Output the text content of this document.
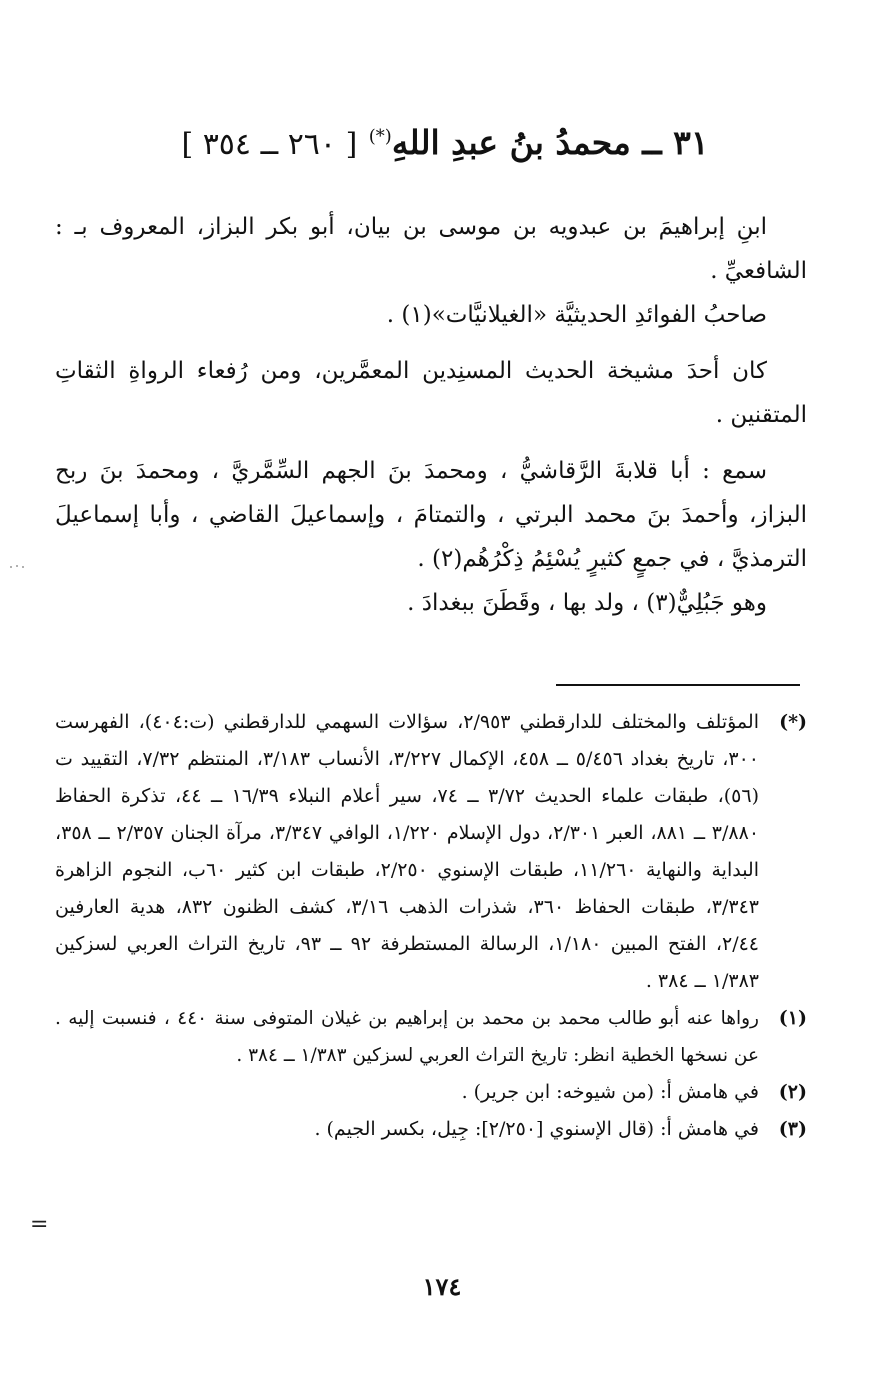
٣١ ــ محمدُ بنُ عبدِ اللهِ(*) [ ٢٦٠ ــ ٣٥٤ ]

ابنِ إبراهيمَ بن عبدويه بن موسى بن بيان، أبو بكر البزاز، المعروف بـ : الشافعيِّ .

صاحبُ الفوائدِ الحديثيَّة «الغيلانيَّات»(١) .

كان أحدَ مشيخة الحديث المسنِدين المعمَّرين، ومن رُفعاء الرواةِ الثقاتِ المتقنين .

سمع : أبا قلابةَ الرَّقاشيُّ ، ومحمدَ بنَ الجهم السِّمَّريَّ ، ومحمدَ بنَ ربح البزاز، وأحمدَ بنَ محمد البرتي ، والتمتامَ ، وإسماعيلَ القاضي ، وأبا إسماعيلَ الترمذيَّ ، في جمعٍ كثيرٍ يُسْئِمُ ذِكْرُهُم(٢) .

وهو جَبُلِيٌّ(٣) ، ولد بها ، وقَطَنَ ببغدادَ .

(*)
المؤتلف والمختلف للدارقطني ٢/٩٥٣، سؤالات السهمي للدارقطني (ت:٤٠٤)، الفهرست ٣٠٠، تاريخ بغداد ٥/٤٥٦ ــ ٤٥٨، الإكمال ٣/٢٢٧، الأنساب ٣/١٨٣، المنتظم ٧/٣٢، التقييد ت (٥٦)، طبقات علماء الحديث ٣/٧٢ ــ ٧٤، سير أعلام النبلاء ١٦/٣٩ ــ ٤٤، تذكرة الحفاظ ٣/٨٨٠ ــ ٨٨١، العبر ٢/٣٠١، دول الإسلام ١/٢٢٠، الوافي ٣/٣٤٧، مرآة الجنان ٢/٣٥٧ ــ ٣٥٨، البداية والنهاية ١١/٢٦٠، طبقات الإسنوي ٢/٢٥٠، طبقات ابن كثير ٦٠ب، النجوم الزاهرة ٣/٣٤٣، طبقات الحفاظ ٣٦٠، شذرات الذهب ٣/١٦، كشف الظنون ٨٣٢، هدية العارفين ٢/٤٤، الفتح المبين ١/١٨٠، الرسالة المستطرفة ٩٢ ــ ٩٣، تاريخ التراث العربي لسزكين ١/٣٨٣ ــ ٣٨٤ .
(١)
رواها عنه أبو طالب محمد بن محمد بن إبراهيم بن غيلان المتوفى سنة ٤٤٠ ، فنسبت إليه . عن نسخها الخطية انظر: تاريخ التراث العربي لسزكين ١/٣٨٣ ــ ٣٨٤ .
(٢)
في هامش أ: (من شيوخه: ابن جرير) .
(٣)
في هامش أ: (قال الإسنوي [٢/٢٥٠]: جِيل، بكسر الجيم) .
=
١٧٤
